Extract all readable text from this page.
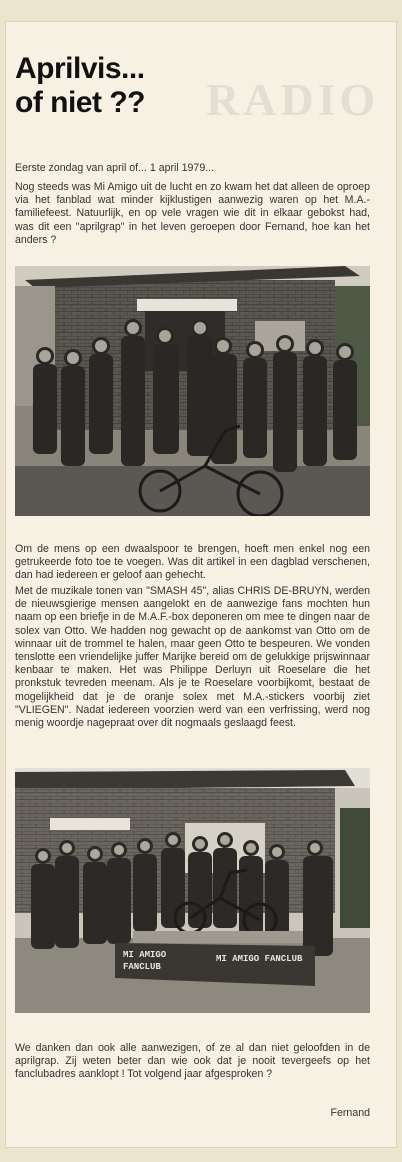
RADIO
Aprilvis...
of niet ??
Eerste zondag van april of... 1 april 1979...
Nog steeds was Mi Amigo uit de lucht en zo kwam het dat alleen de oproep via het fanblad wat minder kijklustigen aanwezig waren op het M.A.-familiefeest. Natuurlijk, en op vele vragen wie dit in elkaar gebokst had, was dit een "aprilgrap" in het leven geroepen door Fernand, hoe kan het anders ?
Om de mens op een dwaalspoor te brengen, hoeft men enkel nog een getrukeerde foto toe te voegen. Was dit artikel in een dagblad verschenen, dan had iedereen er geloof aan gehecht.
Met de muzikale tonen van "SMASH 45", alias CHRIS DE-BRUYN, werden de nieuwsgierige mensen aangelokt en de aanwezige fans mochten hun naam op een briefje in de M.A.F.-box deponeren om mee te dingen naar de solex van Otto. We hadden nog gewacht op de aankomst van Otto om de winnaar uit de trommel te halen, maar geen Otto te bespeuren. We vonden tenslotte een vriendelijke juffer Marijke bereid om de gelukkige prijswinnaar kenbaar te maken. Het was Philippe Derluyn uit Roeselare die het pronkstuk tevreden meenam. Als je te Roeselare voorbijkomt, bestaat de mogelijkheid dat je de oranje solex met M.A.-stickers voorbij ziet "VLIEGEN". Nadat iedereen voorzien werd van een verfrissing, werd nog menig woordje nagepraat over dit nogmaals geslaagd feest.
MI AMIGO FANCLUB
MI AMIGO FANCLUB
We danken dan ook alle aanwezigen, of ze al dan niet geloofden in de aprilgrap. Zij weten beter dan wie ook dat je nooit tevergeefs op het fanclubadres aanklopt ! Tot volgend jaar afgesproken ?
Fernand
